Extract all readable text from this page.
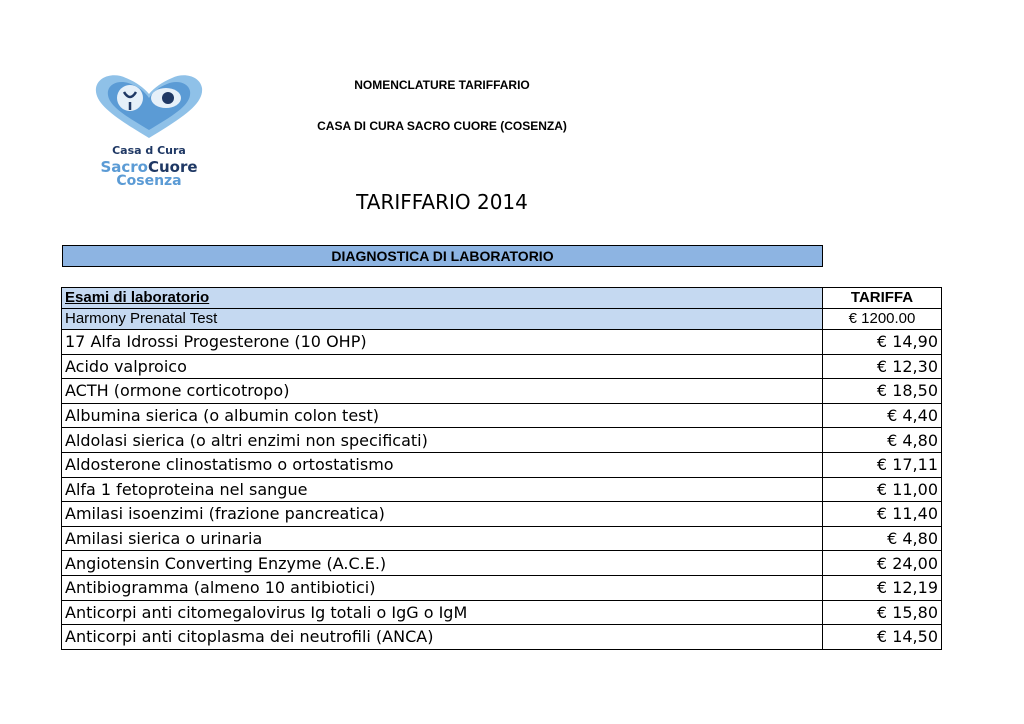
Casa d Cura
SacroCuore
Cosenza
NOMENCLATURE TARIFFARIO
CASA DI CURA SACRO CUORE (COSENZA)
TARIFFARIO 2014
DIAGNOSTICA DI LABORATORIO
Esami di laboratorio	TARIFFA
Harmony Prenatal Test	€ 1200.00
17 Alfa Idrossi Progesterone (10 OHP)	€ 14,90
Acido valproico	€ 12,30
ACTH (ormone corticotropo)	€ 18,50
Albumina sierica (o albumin colon test)	€ 4,40
Aldolasi sierica (o altri enzimi non specificati)	€ 4,80
Aldosterone clinostatismo o ortostatismo	€ 17,11
Alfa 1 fetoproteina nel sangue	€ 11,00
Amilasi isoenzimi (frazione pancreatica)	€ 11,40
Amilasi sierica o urinaria	€ 4,80
Angiotensin Converting Enzyme (A.C.E.)	€ 24,00
Antibiogramma (almeno 10 antibiotici)	€ 12,19
Anticorpi anti citomegalovirus Ig totali o IgG o IgM	€ 15,80
Anticorpi anti citoplasma dei neutrofili (ANCA)	€ 14,50
